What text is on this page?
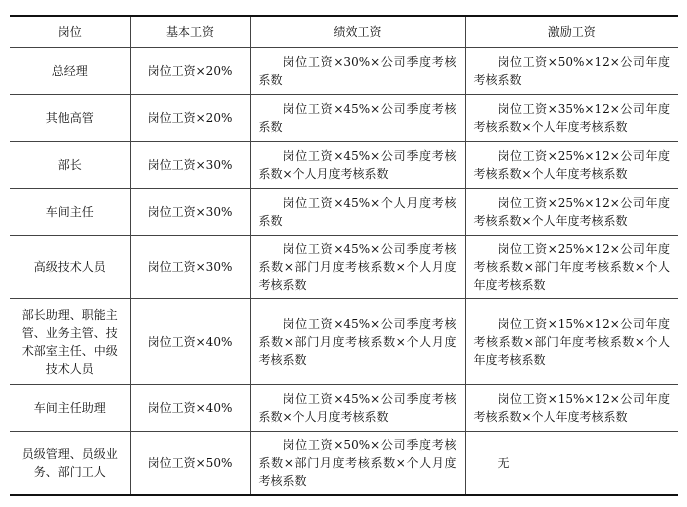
岗位	基本工资	绩效工资	激励工资
总经理	岗位工资×20%	岗位工资×30%×公司季度考核系数	岗位工资×50%×12×公司年度考核系数
其他高管	岗位工资×20%	岗位工资×45%×公司季度考核系数	岗位工资×35%×12×公司年度考核系数×个人年度考核系数
部长	岗位工资×30%	岗位工资×45%×公司季度考核系数×个人月度考核系数	岗位工资×25%×12×公司年度考核系数×个人年度考核系数
车间主任	岗位工资×30%	岗位工资×45%×个人月度考核系数	岗位工资×25%×12×公司年度考核系数×个人年度考核系数
高级技术人员	岗位工资×30%	岗位工资×45%×公司季度考核系数×部门月度考核系数×个人月度考核系数	岗位工资×25%×12×公司年度考核系数×部门年度考核系数×个人年度考核系数
部长助理、职能主管、业务主管、技术部室主任、中级技术人员	岗位工资×40%	岗位工资×45%×公司季度考核系数×部门月度考核系数×个人月度考核系数	岗位工资×15%×12×公司年度考核系数×部门年度考核系数×个人年度考核系数
车间主任助理	岗位工资×40%	岗位工资×45%×公司季度考核系数×个人月度考核系数	岗位工资×15%×12×公司年度考核系数×个人年度考核系数
员级管理、员级业务、部门工人	岗位工资×50%	岗位工资×50%×公司季度考核系数×部门月度考核系数×个人月度考核系数	无
